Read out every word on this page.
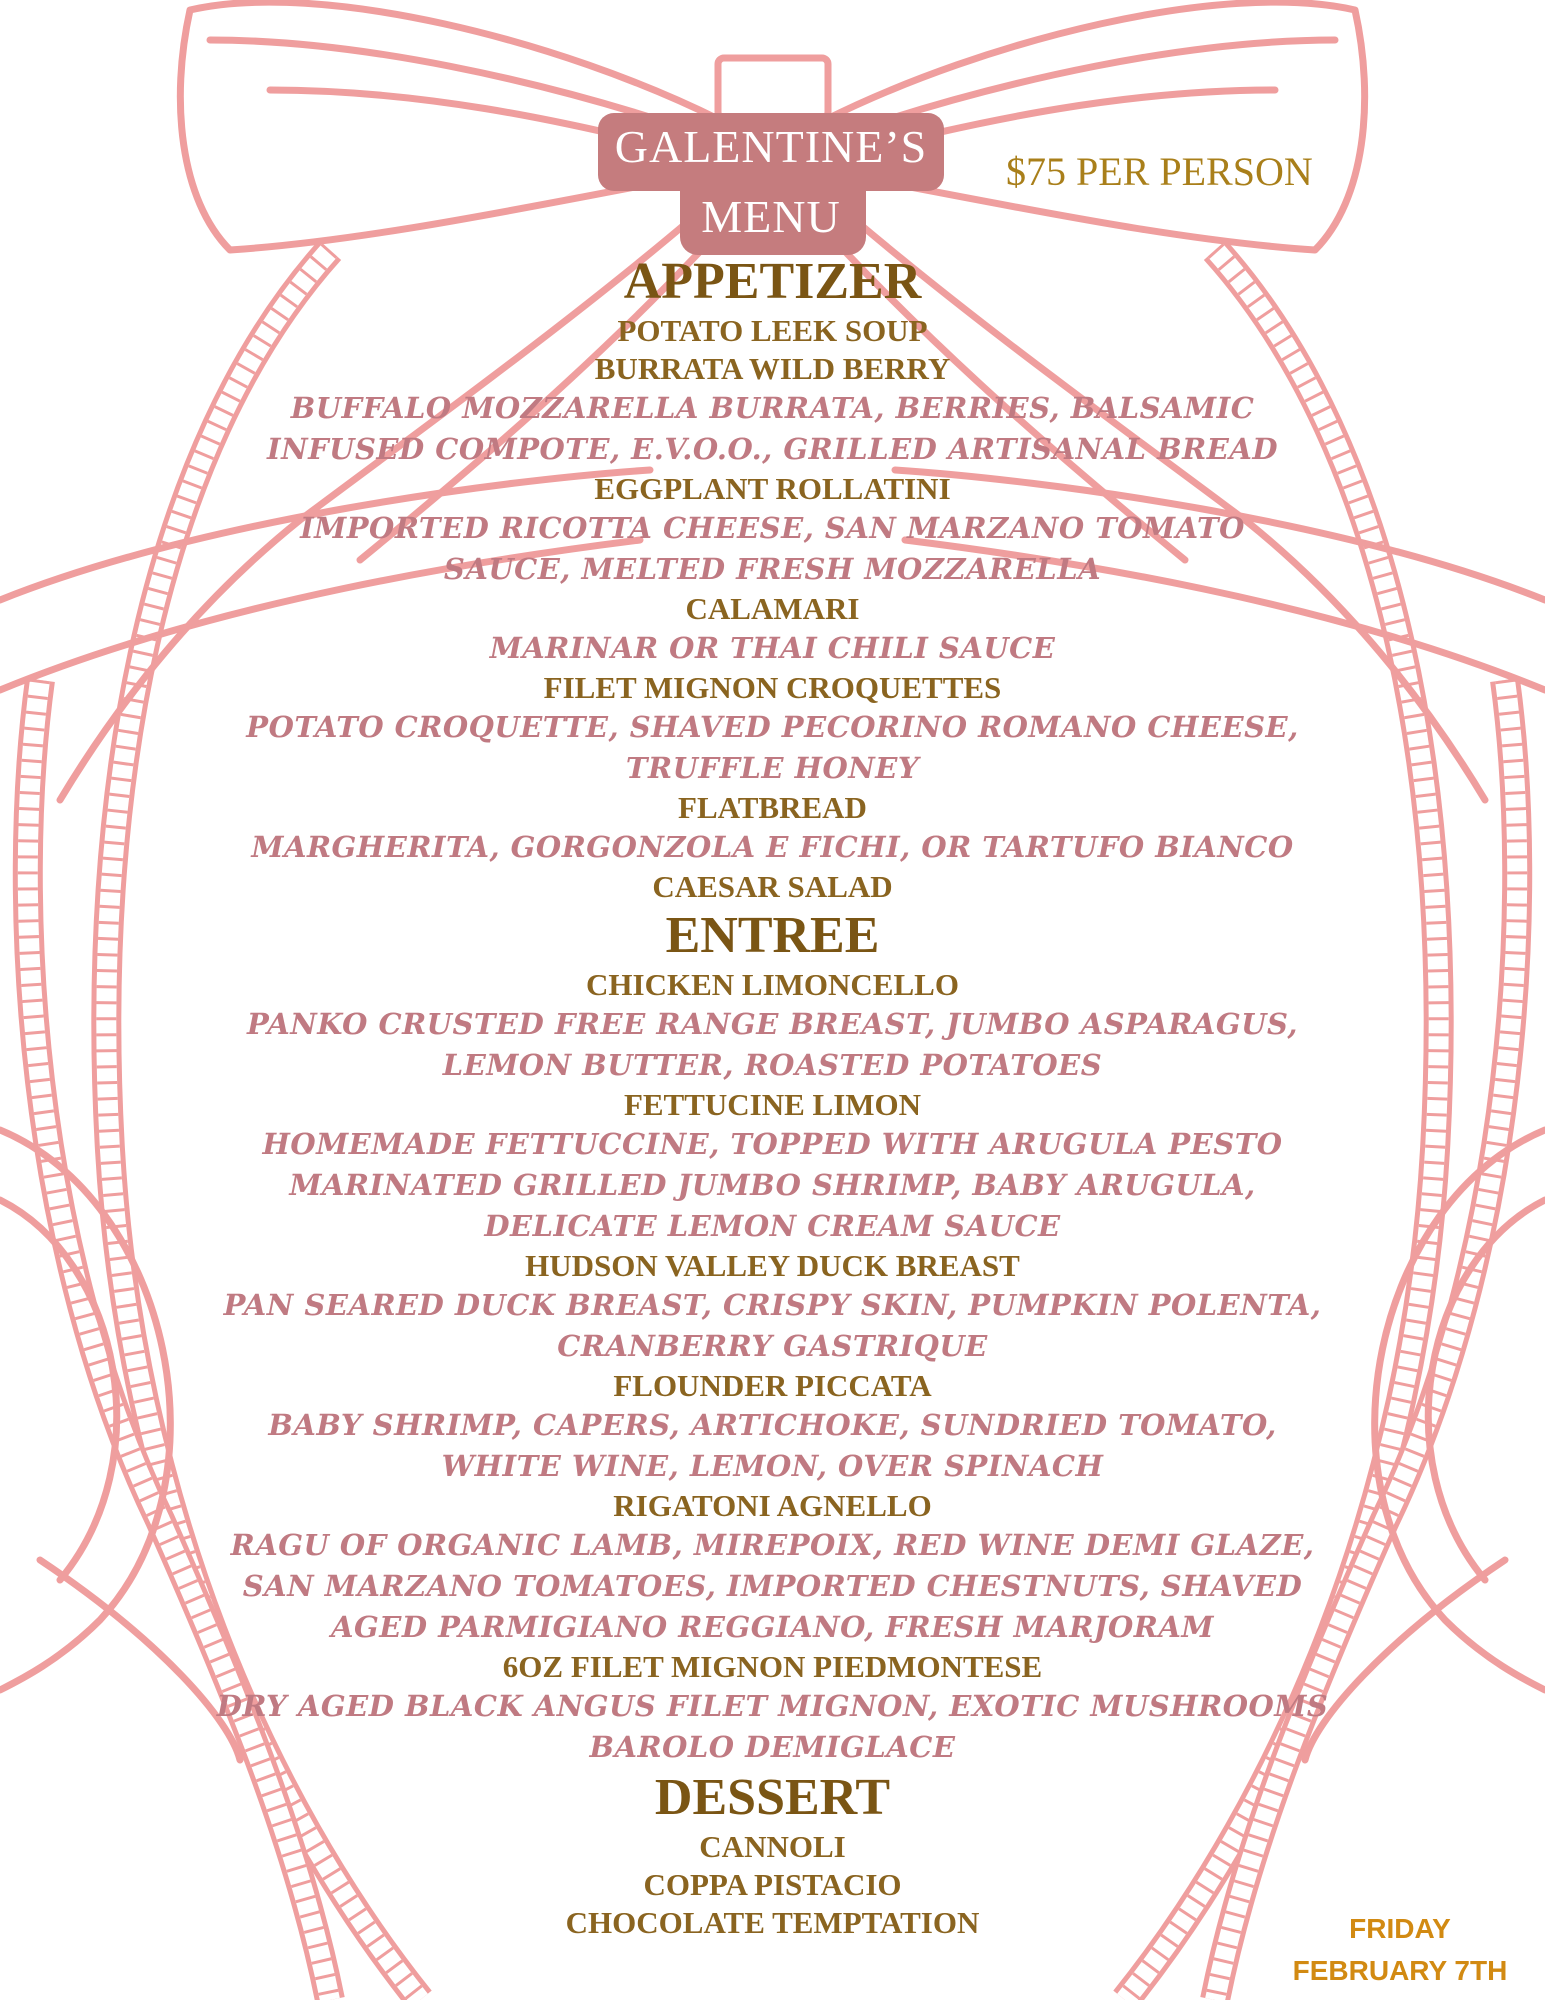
GALENTINE’S
MENU
$75 PER PERSON
APPETIZER
POTATO LEEK SOUP
BURRATA WILD BERRY
BUFFALO MOZZARELLA BURRATA, BERRIES, BALSAMIC
INFUSED COMPOTE, E.V.O.O., GRILLED ARTISANAL BREAD
EGGPLANT ROLLATINI
IMPORTED RICOTTA CHEESE, SAN MARZANO TOMATO
SAUCE, MELTED FRESH MOZZARELLA
CALAMARI
MARINAR OR THAI CHILI SAUCE
FILET MIGNON CROQUETTES
POTATO CROQUETTE, SHAVED PECORINO ROMANO CHEESE,
TRUFFLE HONEY
FLATBREAD
MARGHERITA, GORGONZOLA E FICHI, OR TARTUFO BIANCO
CAESAR SALAD
ENTREE
CHICKEN LIMONCELLO
PANKO CRUSTED FREE RANGE BREAST, JUMBO ASPARAGUS,
LEMON BUTTER, ROASTED POTATOES
FETTUCINE LIMON
HOMEMADE FETTUCCINE, TOPPED WITH ARUGULA PESTO
MARINATED GRILLED JUMBO SHRIMP, BABY ARUGULA,
DELICATE LEMON CREAM SAUCE
HUDSON VALLEY DUCK BREAST
PAN SEARED DUCK BREAST, CRISPY SKIN, PUMPKIN POLENTA,
CRANBERRY GASTRIQUE
FLOUNDER PICCATA
BABY SHRIMP, CAPERS, ARTICHOKE, SUNDRIED TOMATO,
WHITE WINE, LEMON, OVER SPINACH
RIGATONI AGNELLO
RAGU OF ORGANIC LAMB, MIREPOIX, RED WINE DEMI GLAZE,
SAN MARZANO TOMATOES, IMPORTED CHESTNUTS, SHAVED
AGED PARMIGIANO REGGIANO, FRESH MARJORAM
6OZ FILET MIGNON PIEDMONTESE
DRY AGED BLACK ANGUS FILET MIGNON, EXOTIC MUSHROOMS
BAROLO DEMIGLACE
DESSERT
CANNOLI
COPPA PISTACIO
CHOCOLATE TEMPTATION	FRIDAY
FEBRUARY 7TH
